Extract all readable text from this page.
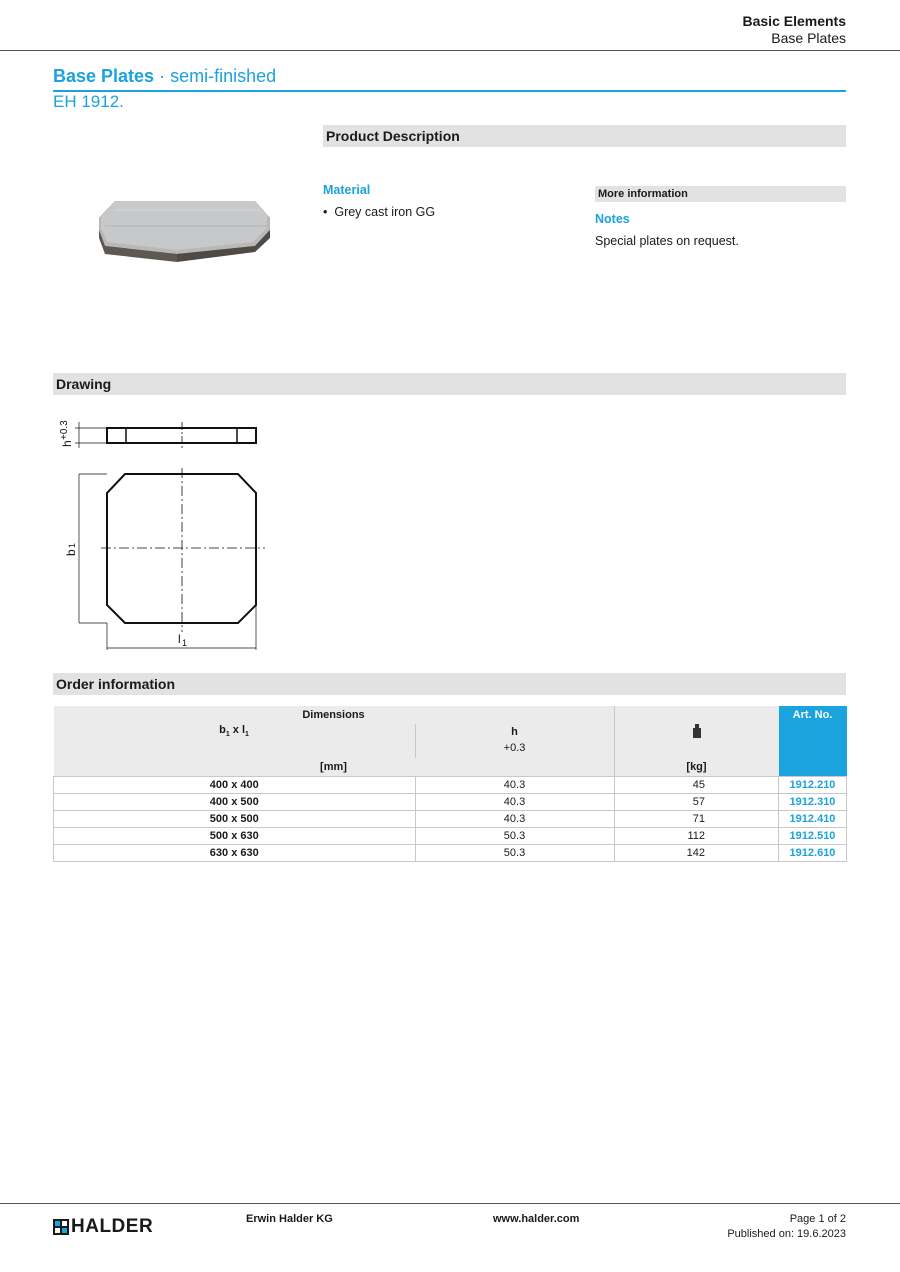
Basic Elements
Base Plates
Base Plates · semi-finished
EH 1912.
Product Description
Material
• Grey cast iron GG
More information
Notes
Special plates on request.
Drawing
h
+0.3
b
1
l 1
Order information
Dimensions			Art. No.
$b_1$ x $l_1$	h
+0.3		

[mm]		[kg]	
400 x 400	40.3	45	1912.210
400 x 500	40.3	57	1912.310
500 x 500	40.3	71	1912.410
500 x 630	50.3	112	1912.510
630 x 630	50.3	142	1912.610
HALDER	Erwin Halder KG	www.halder.com	Page 1 of 2
Published on: 19.6.2023
